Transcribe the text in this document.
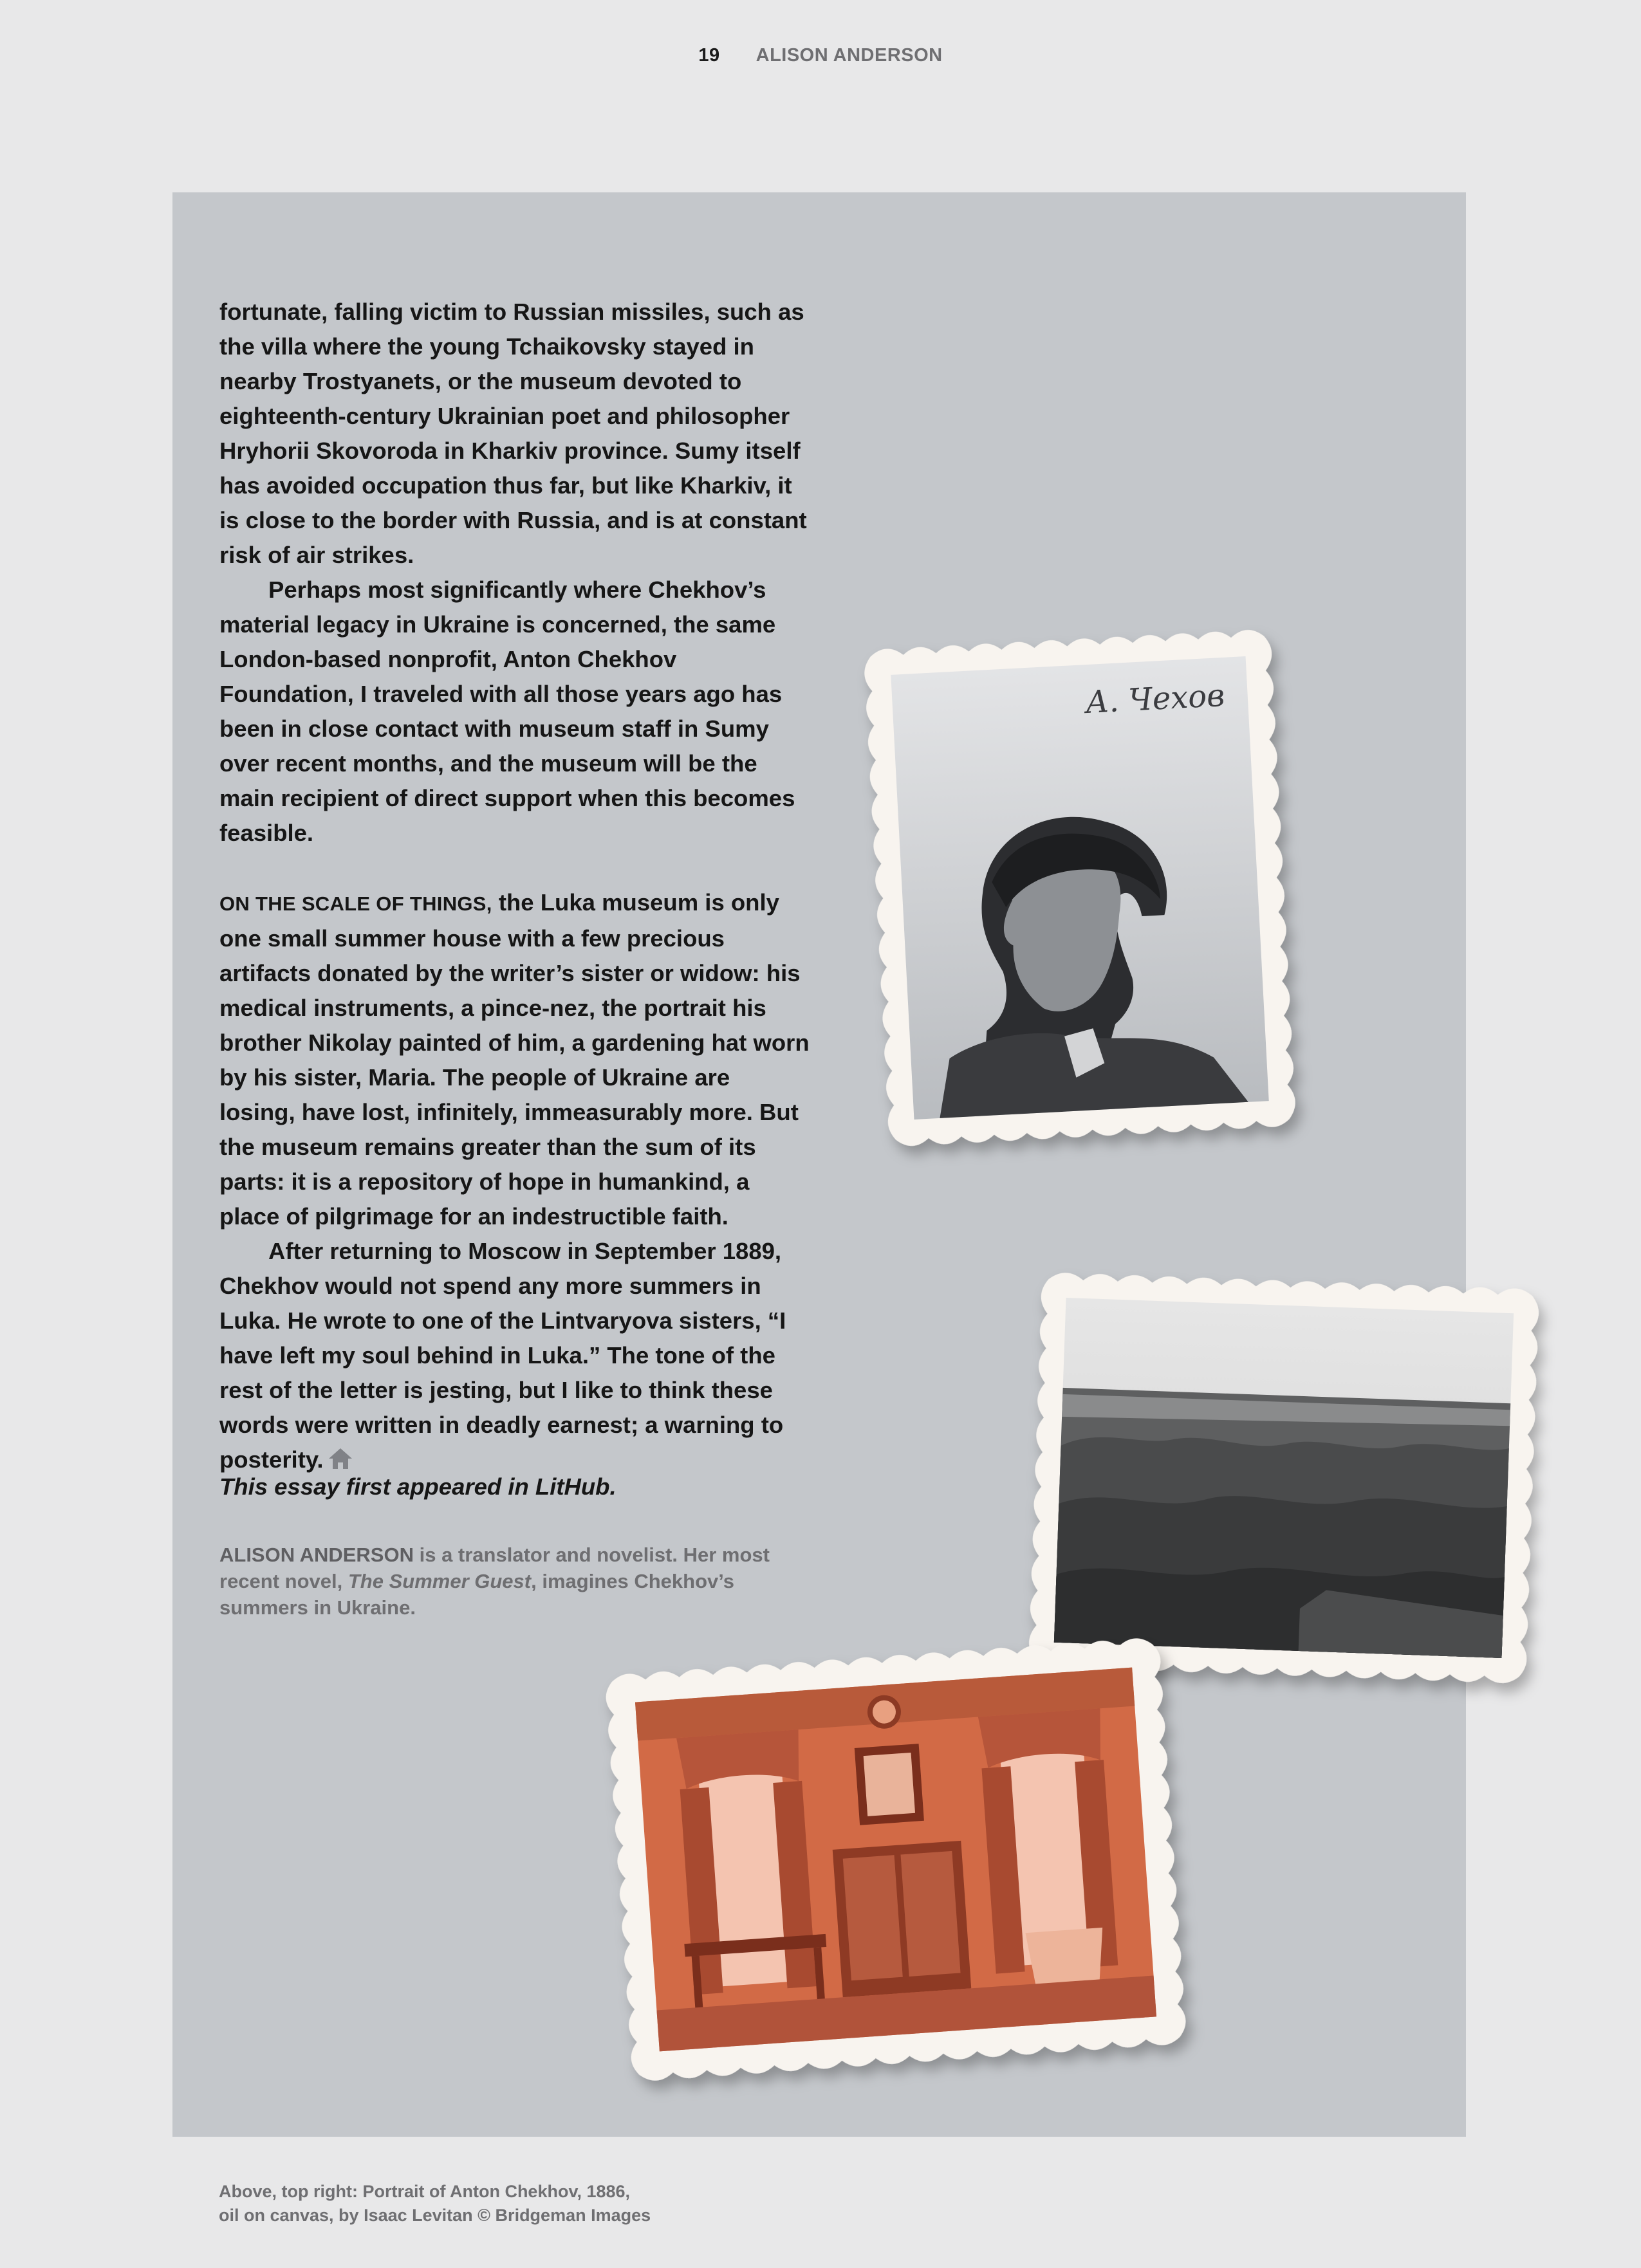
19 ALISON ANDERSON

fortunate, falling victim to Russian missiles, such as the villa where the young Tchaikovsky stayed in nearby Trostyanets, or the museum devoted to eighteenth-century Ukrainian poet and philosopher Hryhorii Skovoroda in Kharkiv province. Sumy itself has avoided occupation thus far, but like Kharkiv, it is close to the border with Russia, and is at constant risk of air strikes.

Perhaps most significantly where Chekhov’s material legacy in Ukraine is concerned, the same London-based nonprofit, Anton Chekhov Foundation, I traveled with all those years ago has been in close contact with museum staff in Sumy over recent months, and the museum will be the main recipient of direct support when this becomes feasible.

ON THE SCALE OF THINGS, the Luka museum is only one small summer house with a few precious artifacts donated by the writer’s sister or widow: his medical instruments, a pince-nez, the portrait his brother Nikolay painted of him, a gardening hat worn by his sister, Maria. The people of Ukraine are losing, have lost, infinitely, immeasurably more. But the museum remains greater than the sum of its parts: it is a repository of hope in humankind, a place of pilgrimage for an indestructible faith.

After returning to Moscow in September 1889, Chekhov would not spend any more summers in Luka. He wrote to one of the Lintvaryova sisters, “I have left my soul behind in Luka.” The tone of the rest of the letter is jesting, but I like to think these words were written in deadly earnest; a warning to posterity.

This essay first appeared in LitHub.
ALISON ANDERSON is a translator and novelist. Her most recent novel, The Summer Guest, imagines Chekhov’s summers in Ukraine.
А. Чехов
Above, top right: Portrait of Anton Chekhov, 1886,
oil on canvas, by Isaac Levitan © Bridgeman Images
